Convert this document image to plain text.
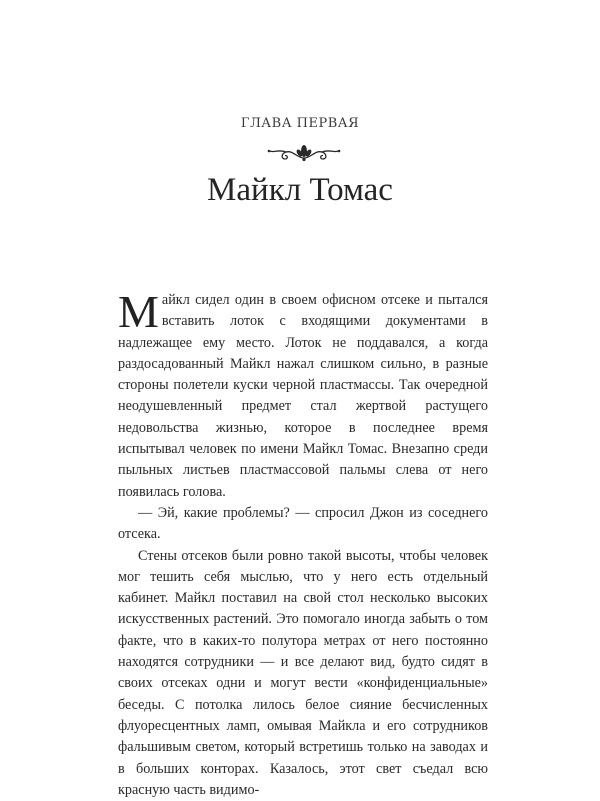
ГЛАВА ПЕРВАЯ
Майкл Томас

Майкл сидел один в своем офисном отсеке и пытался вставить лоток с входящими документами в надлежащее ему место. Лоток не поддавался, а когда раздосадованный Майкл нажал слишком сильно, в разные стороны полетели куски черной пластмассы. Так очередной неодушевленный предмет стал жертвой растущего недовольства жизнью, которое в последнее время испытывал человек по имени Майкл Томас. Внезапно среди пыльных листьев пластмассовой пальмы слева от него появилась голова.

— Эй, какие проблемы? — спросил Джон из соседнего отсека.

Стены отсеков были ровно такой высоты, чтобы человек мог тешить себя мыслью, что у него есть отдельный кабинет. Майкл поставил на свой стол несколько высоких искусственных растений. Это помогало иногда забыть о том факте, что в каких-то полутора метрах от него постоянно находятся сотрудники — и все делают вид, будто сидят в своих отсеках одни и могут вести «конфиденциальные» беседы. С потолка лилось белое сияние бесчисленных флуоресцентных ламп, омывая Майкла и его сотрудников фальшивым светом, который встретишь только на заводах и в больших конторах. Казалось, этот свет съедал всю красную часть видимо-
